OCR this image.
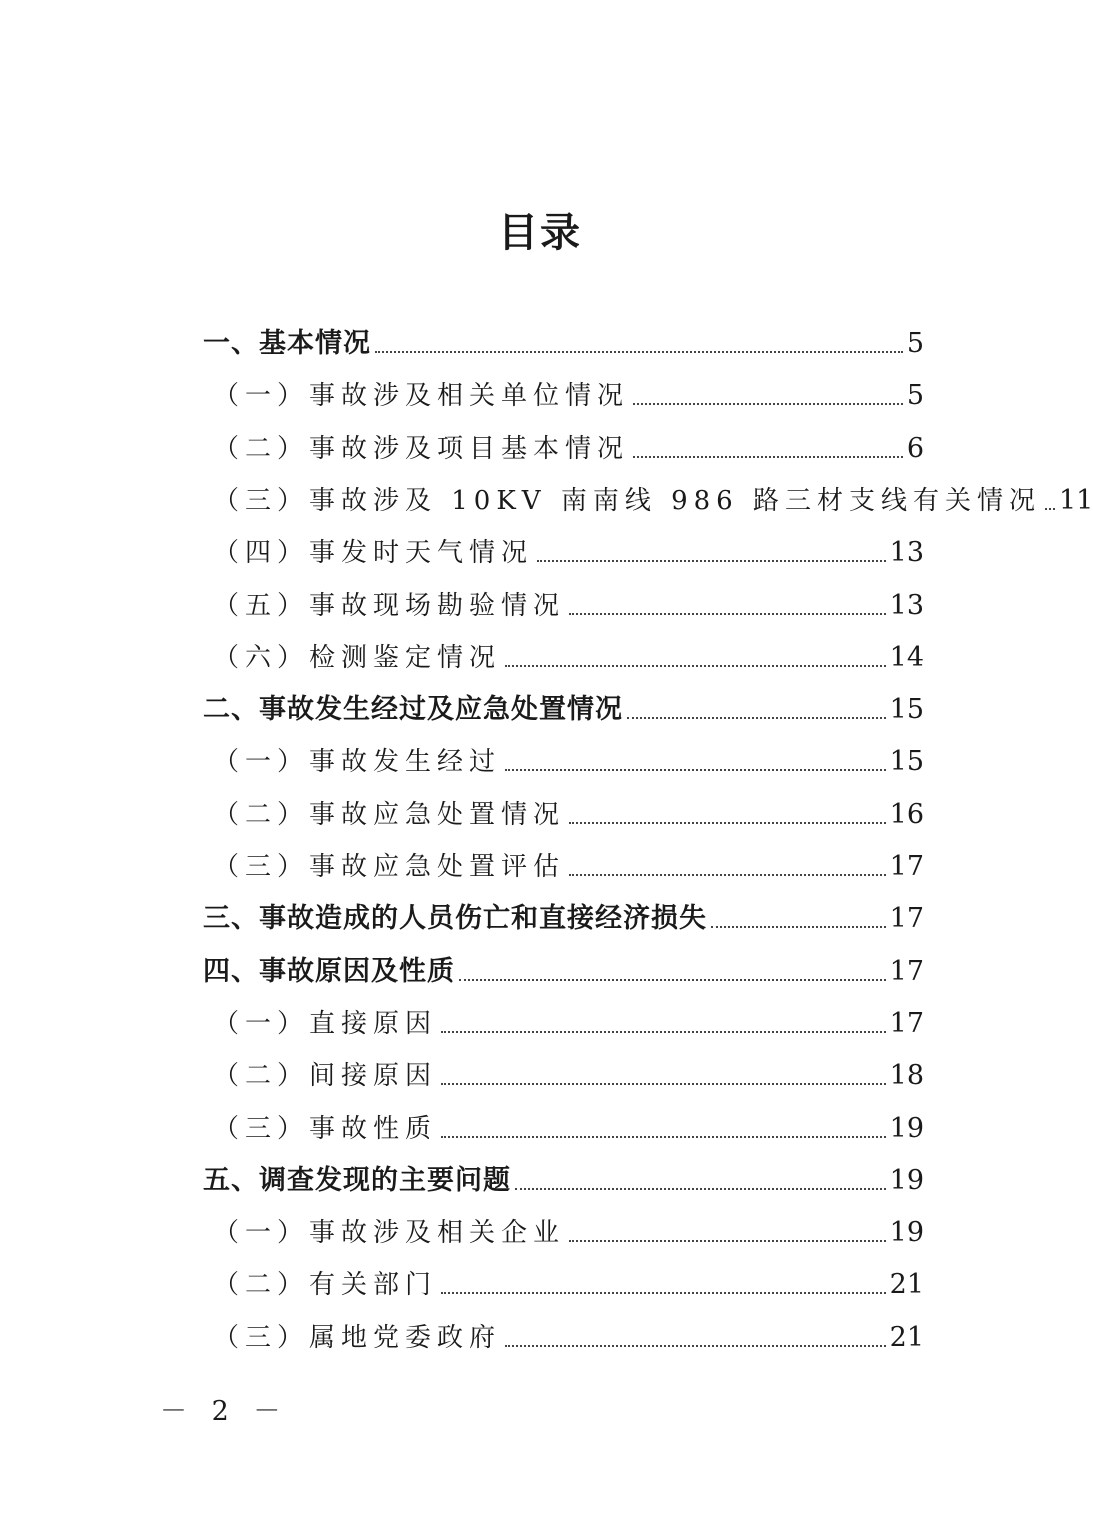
目录
一、基本情况	5
（一）事故涉及相关单位情况	5
（二）事故涉及项目基本情况	6
（三）事故涉及 10KV 南南线 986 路三材支线有关情况 11
（四）事发时天气情况	13
（五）事故现场勘验情况	13
（六）检测鉴定情况	14
二、事故发生经过及应急处置情况	15
（一）事故发生经过	15
（二）事故应急处置情况	16
（三）事故应急处置评估	17
三、事故造成的人员伤亡和直接经济损失	17
四、事故原因及性质	17
（一）直接原因	17
（二）间接原因	18
（三）事故性质	19
五、调查发现的主要问题	19
（一）事故涉及相关企业	19
（二）有关部门	21
（三）属地党委政府	21
－ 2 －
